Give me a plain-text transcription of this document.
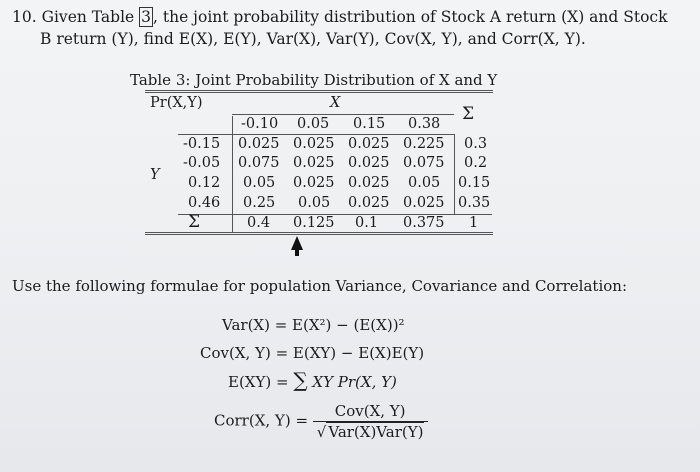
10. Given Table 3 , the joint probability distribution of Stock A return (X) and Stock
B return (Y), find E(X), E(Y), Var(X), Var(Y), Cov(X, Y), and Corr(X, Y).
Table 3: Joint Probability Distribution of X and Y
Pr(X,Y)	X
Σ
Y
-0.10 0.05 0.15 0.38
-0.15 0.025 0.025 0.025 0.225 0.3
-0.05 0.075 0.025 0.025 0.075 0.2
0.12 0.05 0.025 0.025 0.05 0.15
0.46 0.25 0.05 0.025 0.025 0.35
Σ	0.4 0.125 0.1 0.375 1
Use the following formulae for population Variance, Covariance and Correlation:
Var(X) = E(X²) − (E(X))²
Cov(X, Y) = E(XY) − E(X)E(Y)
E(XY) = ∑ XY Pr(X, Y)
Corr(X, $Y) = \frac{\text{Cov(X, Y)}}{\text{√ Var(X)Var(Y)}}$
